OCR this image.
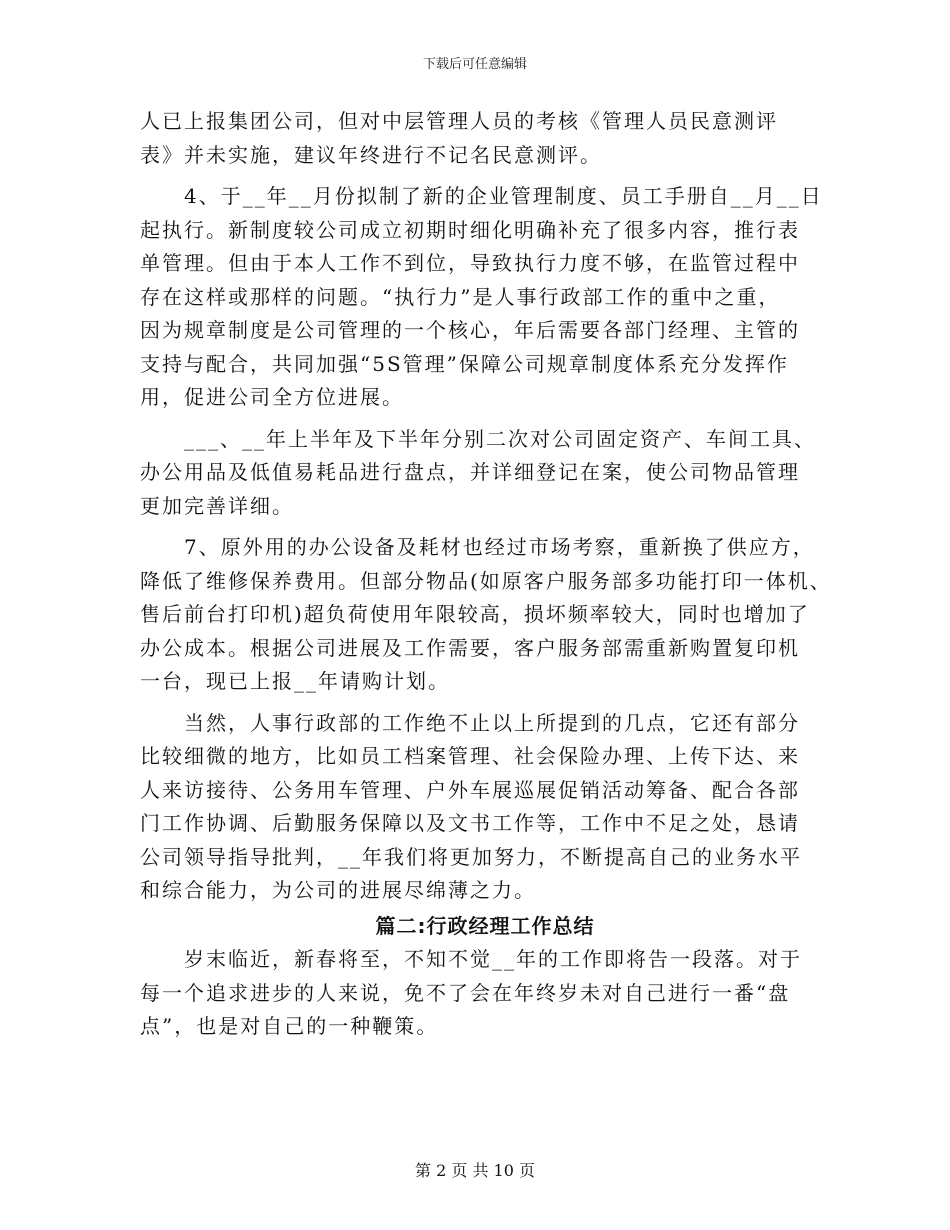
下载后可任意编辑
人已上报集团公司，但对中层管理人员的考核《管理人员民意测评
表》并未实施，建议年终进行不记名民意测评。
4、于__年__月份拟制了新的企业管理制度、员工手册自__月__日
起执行。新制度较公司成立初期时细化明确补充了很多内容，推行表
单管理。但由于本人工作不到位，导致执行力度不够，在监管过程中
存在这样或那样的问题。“执行力”是人事行政部工作的重中之重，
因为规章制度是公司管理的一个核心，年后需要各部门经理、主管的
支持与配合，共同加强“5S管理”保障公司规章制度体系充分发挥作
用，促进公司全方位进展。
___、__年上半年及下半年分别二次对公司固定资产、车间工具、
办公用品及低值易耗品进行盘点，并详细登记在案，使公司物品管理
更加完善详细。
7、原外用的办公设备及耗材也经过市场考察，重新换了供应方，
降低了维修保养费用。但部分物品(如原客户服务部多功能打印一体机、
售后前台打印机)超负荷使用年限较高，损坏频率较大，同时也增加了
办公成本。根据公司进展及工作需要，客户服务部需重新购置复印机
一台，现已上报__年请购计划。
当然，人事行政部的工作绝不止以上所提到的几点，它还有部分
比较细微的地方，比如员工档案管理、社会保险办理、上传下达、来
人来访接待、公务用车管理、户外车展巡展促销活动筹备、配合各部
门工作协调、后勤服务保障以及文书工作等，工作中不足之处，恳请
公司领导指导批判，__年我们将更加努力，不断提高自己的业务水平
和综合能力，为公司的进展尽绵薄之力。
篇二:行政经理工作总结
岁末临近，新春将至，不知不觉__年的工作即将告一段落。对于
每一个追求进步的人来说，免不了会在年终岁未对自己进行一番“盘
点”，也是对自己的一种鞭策。
第 2 页 共 10 页
